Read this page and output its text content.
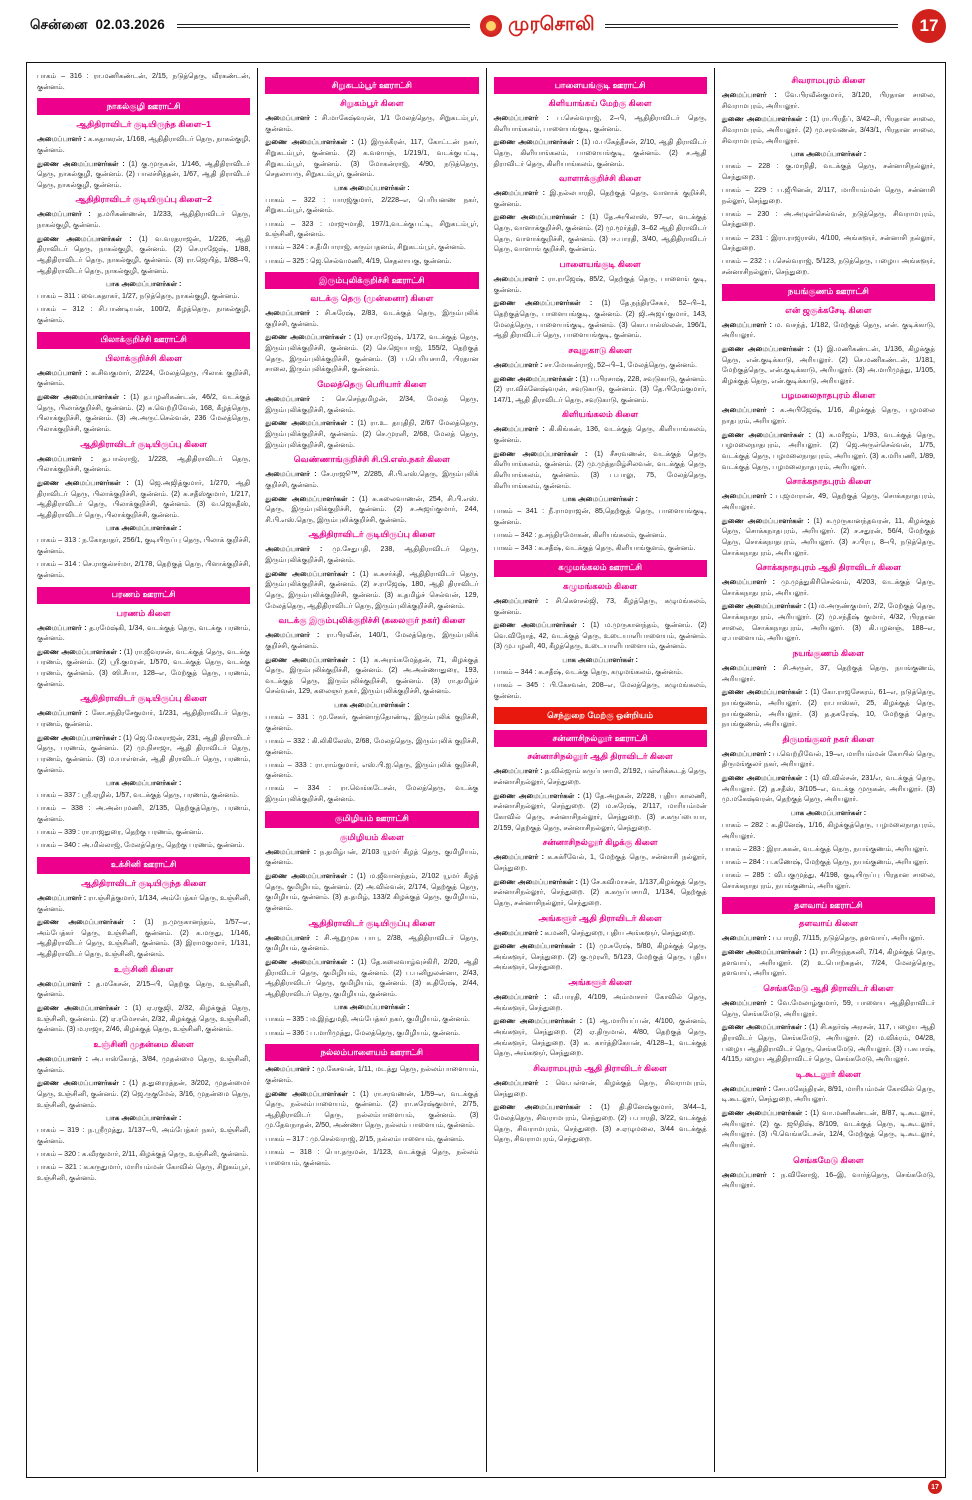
சென்னை 02.03.2026	முரசொலி	17

பாகம் – 316 : ரா.மணிகண்டன், 2/15, நடுத்தெரு, வீரகண்டன், குன்னம்.

நாகல்குழி ஊராட்சி
ஆதிதிராவிடர் குடியிருந்த கிளை–1

அமைப்பாளர் : க.சுதாகரன், 1/168, ஆதிதிராவிடர் தெரு, நாகல்குழி, குன்னம்.

துணை அமைப்பாளர்கள் : (1) கு.முருகன், 1/146, ஆதிதிராவிடர் தெரு, நாகல்குழி, குன்னம். (2) பாலச்சித்தன், 1/67, ஆதி திராவிடர் தெரு, நாகல்குழி, குன்னம்.

ஆதிதிராவிடர் குடியிருப்பு கிளை–2

அமைப்பாளர் : த.மரிகண்ணன், 1/233, ஆதிதிராவிடர் தெரு, நாகல்குழி, குன்னம்.

துணை அமைப்பாளர்கள் : (1) வ.வரதராஜன், 1/226, ஆதி திராவிடர் தெரு, நாகல்குழி, குன்னம். (2) செ.ராஜேஷ், 1/88, ஆதிதிராவிடர் தெரு, நாகல்குழி, குன்னம். (3) ரா.ஜெயித், 1/88–பி, ஆதிதிராவிடர் தெரு, நாகல்குழி, குன்னம்.

பாக அமைப்பாளர்கள் :

பாகம் – 311 : வை.சுதாகர், 1/27, நடுத்தெரு, நாகல்குழி, குன்னம்.

பாகம் – 312 : சி.பாண்டியன், 100/2, கீழத்தெரு, நாகல்குழி, குன்னம்.

பிலாக்குறிச்சி ஊராட்சி
பிலாக்குறிச்சி கிளை

அமைப்பாளர் : க.சிவகுமார், 2/224, மேலத்தெரு, பிலாக் குறிச்சி, குன்னம்.

துணை அமைப்பாளர்கள் : (1) த.பழனிகண்டன், 46/2, வடக்குத் தெரு, பிலாக்குறிச்சி, குன்னம். (2) சு.வெற்றிவேல், 168, கீழத்தெரு, பிலாக்குறிச்சி, குன்னம். (3) அ.அருட்செல்வன், 236 மேலத்தெரு, பிலாக்குறிச்சி, குன்னம்.

ஆதிதிராவிடர் குடியிருப்பு கிளை

அமைப்பாளர் : த.பால்ராஜ், 1/228, ஆதிதிராவிடர் தெரு, பிலாக்குறிச்சி, குன்னம்.

துணை அமைப்பாளர்கள் : (1) ஜெ.அஜித்குமார், 1/270, ஆதி திராவிடர் தெரு, பிலாக்குறிச்சி, குன்னம். (2) சு.சதீஸ்குமார், 1/217, ஆதிதிராவிடர் தெரு, பிலாக்குறிச்சி, குன்னம். (3) வ.ஜெகதீஸ், ஆதிதிராவிடர் தெரு, பிலாக்குறிச்சி, குன்னம்.

பாக அமைப்பாளர்கள் :

பாகம் – 313 : ந.கோதாதர், 256/1, குடியிருப்பு தெரு, பிலாக் குறிச்சி, குன்னம்.

பாகம் – 314 : செ.ராகுல்சர்மா, 2/178, தெற்குத் தெரு, பிளாக்குறிச்சி, குன்னம்.

பரணம் ஊராட்சி
பரணம் கிளை

அமைப்பாளர் : த.ரமேஷ்கி, 1/34, வடக்குத் தெரு, வடக்கு பரணம், குன்னம்.

துணை அமைப்பாளர்கள் : (1) ரா.ஜீவரசன், வடக்குத் தெரு, வடக்கு பரணம், குன்னம். (2) ஸ்ரீ.குமரன், 1/570, வடக்குத் தெரு, வடக்கு பரணம், குன்னம். (3) ஸி.சீயா, 128–எ, மேற்குத் தெரு, பரணம், குன்னம்.

ஆதிதிராவிடர் குடியிருப்பு கிளை

அமைப்பாளர் : கோ.சந்திரசேகுமார், 1/231, ஆதிதிராவிடர் தெரு, பரணம், குன்னம்.

துணை அமைப்பாளர்கள் : (1) ஜெ.மேகராஜன், 231, ஆதி திராவிடர் தெரு, பரணம், குன்னம். (2) மு.நிசாஜா, ஆதி திராவிடர் தெரு, பரணம், குன்னம். (3) ம.யாள்ளன், ஆதி திராவிடர் தெரு, பரணம், குன்னம்.

பாக அமைப்பாளர்கள் :

பாகம் – 337 : ஸ்ரீ.ஏழில், 1/57, வடக்குத் தெரு, பரணம், குன்னம்.

பாகம் – 338 : அ.அன்புமணி, 2/135, தெற்குத்தெரு, பரணம், குன்னம்.

பாகம் – 339 : ரா.ராஜதுரை, தெற்கு பரணம், குன்னம்.

பாகம் – 340 : அ.மில்லாஜ், மேலத்தெரு, தெற்கு பரணம், குன்னம்.

உக்சினி ஊராட்சி
ஆதிதிராவிடர் குடியிருந்த கிளை

அமைப்பாளர் : ரா.ஞ்சித்குமார், 1/134, அம்பேத்கர் தெரு, உஞ்சினி, குன்னம்.

துணை அமைப்பாளர்கள் : (1) ந.முருகானந்தம், 1/57–எ, அம்பேத்கர் தெரு, உஞ்சினி, குன்னம். (2) க.மருது, 1/146, ஆதிதிராவிடர் தெரு, உஞ்சினி, குன்னம். (3) இராமகுமார், 1/131, ஆதிதிராவிடர் தெரு, உஞ்சினி, குன்னம்.

உஞ்சினி கிளை

அமைப்பாளர் : த.மகேசன், 2/15–பி, தெற்கு தெரு, உஞ்சினி, குன்னம்.

துணை அமைப்பாளர்கள் : (1) ஏ.ரகுஜி, 2/32, கிழக்குத் தெரு, உஞ்சினி, குன்னம். (2) ஏ.ரமேசான், 2/32, கிழக்குத் தெரு, உஞ்சினி, குன்னம். (3) ம.ராஜா, 2/46, கிழக்குத் தெரு, உஞ்சினி, குன்னம்.

உஞ்சினி முதன்மை கிளை

அமைப்பாளர் : அ.பாஸ்கோத், 3/84, முதன்மை தெரு, உஞ்சினி, குன்னம்.

துணை அமைப்பாளர்கள் : (1) த.துரைரத்தன், 3/202, முதன்மைர் தெரு, உஞ்சினி, குன்னம். (2) ஜெ.ருகுமேல், 3/16, முதன்மை தெரு, உஞ்சினி, குன்னம்.

பாக அமைப்பாளர்கள் :

பாகம் – 319 : ந.ஸ்ரீமுத்து, 1/137–பி, அம்பேத்கர் நகர், உஞ்சினி, குன்னம்.

பாகம் – 320 : க.வீரகுமார், 2/11, கிழக்குத் தெரு, உஞ்சினி, குன்னம்.

பாகம் – 321 : க.கருதுமார், மாரியம்மன் கோவில் தெரு, சிறுகம்பூர், உஞ்சினி, குன்னம்.

சிறுகடம்பூர் ஊராட்சி
சிறுகம்பூர் கிளை

அமைப்பாளர் : சி.மாகேஷ்வரன், 1/1 மேலத்தெரு, சிறுகடம்பூர், குன்னம்.

துணை அமைப்பாளர்கள் : (1) இருக்கீரன், 117, கோட்டன் நகர், சிறுகடம்பூர், குன்னம். (2) க.வளாஞ், 1/219/1, வடக்குபட்டி, சிறுகடம்பூர், குன்னம். (3) மோகன்ராஜ், 4/90, நடுத்தெரு, செதலாயரு, சிறுகடம்பூர், குன்னம்.

பாக அமைப்பாளர்கள் :

பாகம் – 322 : யாரஜ்குமார், 2/228–எ, பெரியனண நகர், சிறுகடம்பூர், குன்னம்.

பாகம் – 323 : மாஜுமாதி, 197/1,வடக்குபட்டி, சிறுகடம்பூர், உஞ்சினி, குன்னம்.

பாகம் – 324 : ச.தீமிபாராஜ், கரும்பதனம், சிறுகடம்பூர், குன்னம்.

பாகம் – 325 : ஜெ.செல்வமணி, 4/19, செதலாயகு, குன்னம்.

இரும்புலிக்குறிச்சி ஊராட்சி
வடக்கு தெரு (முன்னைா) கிளை

அமைப்பாளர் : சி.சுரேஷ், 2/83, வடக்குத் தெரு, இரும்புலிக் குறிச்சி, குன்னம்.

துணை அமைப்பாளர்கள் : (1) ரா.ராஜேஷ், 1/172, வடக்குத் தெரு, இரும்புலிக்குறிச்சி, குன்னம். (2) செ.ஜெயபாஜ், 155/2, தெற்குத் தெரு, இரும்புலிக்குறிச்சி, குன்னம். (3) ப.பெரியசாமி, பிரதான சாலை, இரும்புலிக்குறிச்சி, குன்னம்.

மேலத்தெரு பெரியார் கிளை

அமைப்பாளர் : செ.செந்தமிழன், 2/34, மேலத் தெரு, இரும்புலிக்குறிச்சி, குன்னம்.

துணை அமைப்பாளர்கள் : (1) ரா.உ. தயுதிநி, 2/67 மேலத்தெரு, இரும்புலிக்குறிச்சி, குன்னம். (2) செ.முரளி, 2/68, மேலத் தெரு, இரும்புலிக்குறிச்சி, குன்னம்.

வெண்ணாங்குறிச்சி சி.பி.எஸ்.நகர் கிளை

அமைப்பாளர் : சே.ராஜூ™, 2/285, சி.பி.எஸ்.தெரு, இரும்புலிக் குறிச்சி, குன்னம்.

துணை அமைப்பாளர்கள் : (1) சு.கலைவாணன், 254, சி.பி.எஸ். தெரு, இரும்புலிக்குறிச்சி, குன்னம். (2) ச.அஜய்குமார், 244, சி.பி.எஸ்.தெரு, இரும்புலிக்குறிச்சி, குன்னம்.

ஆதிதிராவிடர் குடியிருப்பு கிளை

அமைப்பாளர் : மு.சேதுபதி, 238, ஆதிதிராவிடர் தெரு, இரும்புலிக்குறிச்சி, குன்னம்.

துணை அமைப்பாளர்கள் : (1) க.சுசர்க்தி, ஆதிதிராவிடர் தெரு, இரும்புலிக்குறிச்சி, குன்னம். (2) ச.ராஜேஷ், 180, ஆதி திராவிடர் தெரு, இரும்புலிக்குறிச்சி, குன்னம். (3) க.தமிழ்ச் செல்வன், 129, மேலத்தெரு, ஆதிதிராவிடர் தெரு, இரும்புலிக்குறிச்சி, குன்னம்.

வடக்கு இரும்புலிக்குறிச்சி (கலைஞர் நகர்) கிளை

அமைப்பாளர் : ரா.பிரவீன், 140/1, மேலத்தெரு, இரும்புலிக் குறிச்சி, குன்னம்.

துணை அமைப்பாளர்கள் : (1) க.அரங்கமேத்தன், 71, கிழக்குத் தெரு, இரும்புலிக்குறிச்சி, குன்னம். (2) அ.அன்ணாதுரை, 193, வடக்குத் தெரு, இரும்புலிக்குறிச்சி, குன்னம். (3) ரா.தமிழ்ச் செல்வன், 129, கலைஞர் நகர், இரும்புலிக்குறிச்சி, குன்னம்.

பாக அமைப்பாளர்கள் :

பாகம் – 331 : மு.சேகர், குன்னாந்தோண்டி, இரும்புலிக் குறிச்சி, குன்னம்.

பாகம் – 332 : கி.லிகிலேஸ், 2/68, மேலத்தெரு, இரும்புலிக் குறிச்சி, குன்னம்.

பாகம் – 333 : ரா.ராம்குமார், எஸ்.பி.ஐ.தெரு, இரும்புலிக் குறிச்சி, குன்னம்.

பாகம் – 334 : ரா.வெங்கடேசன், மேலத்தெரு, வடக்கு இரும்புலிக்குறிச்சி, குன்னம்.

குமிழியம் ஊராட்சி
குமிழியம் கிளை

அமைப்பாளர் : ந.தமிழ்பன், 2/103 யூமர் கீழத் தெரு, குமிழியம், குன்னம்.

துணை அமைப்பாளர்கள் : (1) ம.ஜீவானந்தம், 2/102 யூமர் கீழத் தெரு, குமிழியம், குன்னம். (2) அ.வில்வன், 2/174, தெற்குத் தெரு, குமிழியம், குன்னம். (3) த.தமிழ், 133/2 கிழக்குத் தெரு, குமிழியம், குன்னம்.

ஆதிதிராவிடர் குடியிருப்பு கிளை

அமைப்பாளர் : சி.ஆறுமுக பாபு, 2/38, ஆதிதிராவிடர் தெரு, குமிழியம், குன்னம்.

துணை அமைப்பாளர்கள் : (1) தே.கலைவாழ்வுச்கிரி, 2/20, ஆதி திராவிடர் தெரு, குமிழியம், குன்னம். (2) ப.பனிநுலன்னா, 2/43, ஆதிதிராவிடர் தெரு, குமிழியம், குன்னம். (3) க.திரேஷ், 2/44, ஆதிதிராவிடர் தெரு, குமிழியம், குன்னம்.

பாக அமைப்பாளர்கள் :

பாகம் – 335 : ம.இந்துமதி, அம்பேத்கர் நகர், குமிழியம், குன்னம்.

பாகம் – 336 : ப.மாரிமுத்து, மேலத்தெரு, குமிழியம், குன்னம்.

நல்லம்பாளையம் ஊராட்சி

அமைப்பாளர் : மு.கேசவன், 1/11, மடத்து தெரு, நல்லம்பாளையம், குன்னம்.

துணை அமைப்பாளர்கள் : (1) ரா.சரவணன், 1/59–எ, வடக்குத் தெரு, நல்லம்பாளையம், குன்னம். (2) ரா.சுரேஷ்குமார், 2/75, ஆதிதிராவிடர் தெரு, நல்லம்பாளையம், குன்னம். (3) மு.தேவநாதன், 2/50, அண்ணா தெரு, நல்லம் பாளையம், குன்னம்.

பாகம் – 317 : மு.செல்வராஜ், 2/15, நல்லம்பாளையம், குன்னம்.

பாகம் – 318 : பொ.தருமன், 1/123, வடக்குத் தெரு, நல்லம் பாளையம், குன்னம்.

பாளையங்குடி ஊராட்சி
கிளியாங்கய் மேற்கு கிளை

அமைப்பாளர் : ப.செல்வராஜ், 2–பி, ஆதிதிராவிடர் தெரு, கிளியாங்கலம், பாளையங்குடி, குன்னம்.

துணை அமைப்பாளர்கள் : (1) ம.பகேத்தீசன், 2/10, ஆதி திராவிடர் தெரு, கிளியாங்கலம், பாளையங்குடி, குன்னம். (2) ச.ஆதி திராவிடர் தெரு, கிளியாங்கலம், குன்னம்.

வாளாக்குறிச்சி கிளை

அமைப்பாளர் : இ.நல்லபாரதி, தெற்குத் தெரு, வாளாக் குறிச்சி, குன்னம்.

துணை அமைப்பாளர்கள் : (1) தே.அபிலாஸ், 97–எ, வடக்குத் தெரு, வாளாக்குறிச்சி, குன்னம். (2) மு.மூர்த்தி, 3–62 ஆதி திராவிடர் தெரு, வாளாக்குறிச்சி, குன்னம். (3) ஈ.பாரதி, 3/40, ஆதிதிராவிடர் தெரு, வாளாங் குறிச்சி, குன்னம்.

பாளையங்குடி கிளை

அமைப்பாளர் : ரா.ராஜேஷ், 85/2, தெற்குத் தெரு, பாளைங் குடி, குன்னம்.

துணை அமைப்பாளர்கள் : (1) தே.நந்திரசேகர், 52–பி–1, தெற்குத்தெரு, பாளையங்குடி, குன்னம். (2) ஜி.அஜய்குமார், 143, மேலத்தெரு, பாளையங்குடி, குன்னம். (3) கொ.பால்ஸ்லன், 196/1, ஆதி திராவிடர் தெரு, பாளையங்குடி, குன்னம்.

சவுதுகாடு கிளை

அமைப்பாளர் : சா.மோகன்ராஜ், 52–பி–1, மேலத்தெரு, குன்னம்.

துணை அமைப்பாளர்கள் : (1) ப.பிரசாஷ், 228, சவுடுகாடு, குன்னம். (2) ரா.விக்னேஷ்வரன், சவுடுகாடு, குன்னம். (3) தே.பிரேம்குமார், 147/1, ஆதி திராவிடர் தெரு, சவுடுகாடு, குன்னம்.

கிளியங்கலம் கிளை

அமைப்பாளர் : கி.கிங்கன், 136, வடக்குத் தெரு, கிளியாங்கலம், குன்னம்.

துணை அமைப்பாளர்கள் : (1) சீசரவணன், வடக்குத் தெரு, கிளியாங்கலம், குன்னம். (2) மு.முத்தமிழ்சிலவன், வடக்குத் தெரு, கிளியாங்கலம், குன்னம். (3) ப.பாலு, 75, மேலத்தெரு, கிளியாங்கலம், குன்னம்.

பாக அமைப்பாளர்கள் :

பாகம் – 341 : நீ.ராமராஜன், 85,தெற்குத் தெரு, பாளையங்குடி, குன்னம்.

பாகம் – 342 : த.சந்திரமோகன், கிளியங்கலம், குன்னம்.

பாகம் – 343 : க.சதீஷ், வடக்குத் தெரு, கிளியாங்குளம், குன்னம்.

கழுமங்கலம் ஊராட்சி
கழுமங்கலம் கிளை

அமைப்பாளர் : சி.கௌசல்ஜி, 73, கீழத்தெரு, கழுமங்கலம், குன்னம்.

துணை அமைப்பாளர்கள் : (1) ம.முருகானந்தம், குன்னம். (2) வெ.விநோத், 42, வடக்குத் தெரு, உடையாளிபாளையம், குன்னம். (3) மு.பழனி, 40, கீழத்தெரு, உடையாளிபாளையம், குன்னம்.

பாக அமைப்பாளர்கள் :

பாகம் – 344 : க.சதீஷ், வடக்கு தெரு, கழுமங்கலம், குன்னம்.

பாகம் – 345 : பி.கேசவன், 208–எ, மேலத்தெரு, கழுமங்கலம், குன்னம்.

செந்துறை மேற்கு ஒன்றியம்
சன்னாசிநல்லூர் ஊராட்சி
சன்னாசிநல்லூர் ஆதி திராவிடர் கிளை

அமைப்பாளர் : த.வில்ஜாம் கருப்பசாமி, 2/192, பள்ளிக்கூடத் தெரு, சன்னாசிநல்லூர், செந்துறை.

துணை அமைப்பாளர்கள் : (1) தே.அழகன், 2/228, புதிய காலணி, சன்னாசிநல்லூர், செந்துறை. (2) ம.சுரேஷ், 2/117, மாரியம்மன் கோவில் தெரு, சன்னாசிநல்லூர், செந்துறை. (3) ச.கருப்பையா, 2/159, தெற்குத் தெரு, சன்னாசிநல்லூர், செந்துறை.

சன்னாசிநல்லூர் கிழக்கு கிளை

அமைப்பாளர் : க.சுக்ரீவேல், 1, மேற்குத் தெரு, சன்னாசி நல்லூர், செந்துறை.

துணை அமைப்பாளர்கள் : (1) சே.கவிமாசன், 1/137,கிழக்குத் தெரு, சன்னாசிநல்லூர், செந்துறை. (2) க.கருப்பசாமி, 1/134, தெற்குத் தெரு, சன்னாசிநல்லூர், செந்துறை.

அங்களூர் ஆதி திராவிடர் கிளை

அமைப்பாளர் : க.மணி, செந்துறை, புதிய அங்களூர், செந்துறை.

துணை அமைப்பாளர்கள் : (1) மு.சுரேஷ், 5/80, கிழக்குத் தெரு, அங்களூர், செந்துறை. (2) கு.முரளி, 5/123, மேற்குத் தெரு, புதிய அங்களூர், செந்துறை.

அங்களூர் கிளை

அமைப்பாளர் : வீ.பாரதி, 4/109, அம்மாசாா் கோவில் தெரு, அங்களூர், செந்துறை.

துணை அமைப்பாளர்கள் : (1) ஆ.மாரியப்பன், 4/100, குன்னம், அங்களூர், செந்துறை. (2) ஏ.திருமால், 4/80, தெற்குத் தெரு, அங்களூர், செந்துறை. (3) க. கார்த்திகேயன், 4/128–1, வடக்குத் தெரு, அங்களூர், செந்துறை.

சிவராமபுரம் ஆதி திராவிடர் கிளை

அமைப்பாளர் : வெ.பள்ளன், கிழக்குத் தெரு, சிவராமபுரம், செந்துறை.

துணை அமைப்பாளர்கள் : (1) தி.தினேஷ்குமார், 3/44–1, மேலத்தெரு, சிவராமபுரம், செந்துறை. (2) ப.பாரதி, 3/22, வடக்குத் தெரு, சிவராமபுரம், செந்துறை. (3) ச.ஏழுமலை, 3/44 வடக்குத் தெரு, சிவராமபுரம், செந்துறை.

சிவராமபுரம் கிளை

அமைப்பாளர் : வே.பிரவீன்குமார், 3/120, பிரதான சாலை, சிவராமபுரம், அரியலூர்.

துணை அமைப்பாளர்கள் : (1) ரா.பிரதீப், 3/42–சி, பிரதான சாலை, சிவராமபுரம், அரியலூர். (2) மு.சரவணன், 3/43/1, பிரதான சாலை, சிவராமபுரம், அரியலூர்.

பாக அமைப்பாளர்கள் :

பாகம் – 228 : கு.மாநிதி, வடக்குத் தெரு, சன்னாசிநல்லூர், செந்துறை.

பாகம் – 229 : ப.ஜீபினன், 2/117, மாரியம்மன் தெரு, சன்னாசி நல்லூர், செந்துறை.

பாகம் – 230 : அ.அழுள்செல்வன், நடுத்தெரு, சிவராமபுரம், செந்துறை.

பாகம் – 231 : இரா.ராஜராஸ், 4/100, அங்களூர், சன்னாசி நல்லூர், செந்துறை.

பாகம் – 232 : ப.செல்வராஜ், 5/123, நடுத்தெரு, பழைய அங்களூர், சன்னாசிநல்லூர், செந்துறை.

நயங்குணம் ஊராட்சி
என் ஜகுக்கசேடி கிளை

அமைப்பாளர் : ம. வசந்த், 1/182, மேற்குத் தெரு, என். குடிக்காடு, அரியலூர்.

துணை அமைப்பாளர்கள் : (1) இ.மணிகண்டன், 1/136, கிழக்குத் தெரு, என்.குடிக்காடு, அரியலூர். (2) செ.மணிகண்டன், 1/181, மேற்குத்தெரு, என்.குடிக்காடு, அரியலூர். (3) அ.மாரிமுத்து, 1/105, கிழக்குத் தெரு, என்.குடிக்காடு, அரியலூர்.

பழமலைநாதபுரம் கிளை

அமைப்பாளர் : க.அபிஜேஷ், 1/16, கிழக்குத் தெரு, பழமலை நாதபுரம், அரியலூர்.

துணை அமைப்பாளர்கள் : (1) க.மரீஜம், 1/93, வடக்குத் தெரு, பழமலைநாதபுரம், அரியலூர். (2) ஜெ.அருள்செல்வன், 1/75, வடக்குத் தெரு, பழமலைநாதபுரம், அரியலூர். (3) க.மரியணி, 1/89, வடக்குத் தெரு, பழமலைநாதபுரம், அரியலூர்.

சொக்கநாதபுரம் கிளை

அமைப்பாளர் : ப.ஜமாரான், 49, தெற்குத் தெரு, சொக்கநாதபுரம், அரியலூர்.

துணை அமைப்பாளர்கள் : (1) க.முருகானந்தவரன், 11, கிழக்குத் தெரு, சொக்கநாதபுரம், அரியலூர். (2) ச.சதுரன், 56/4, மேற்குத் தெரு, சொக்கநாதபுரம், அரியலூர். (3) ச.பிரபு, 8–பி, நடுத்தெரு, சொக்கநாதபுரம், அரியலூர்.

சொக்கநாதபுரம் ஆதி திராவிடர் கிளை

அமைப்பாளர் : மு.முத்துகிரிசெல்வம், 4/203, வடக்குத் தெரு, சொக்கநாதபுரம், அரியலூர்.

துணை அமைப்பாளர்கள் : (1) ம.அருண்குமார், 2/2, மேற்குத் தெரு, சொக்கநாதபுரம், அரியலூர். (2) மு.சந்தீஷ் குமார், 4/32, பிரதான சாலை, சொக்கநாதபுரம், அரியலூர். (3) கி.பழனஞ், 188–எ, ஏ.பாளையம், அரியலூர்.

நயங்குணம் கிளை

அமைப்பாளர் : சி.அருள், 37, தெற்குத் தெரு, நயங்குணம், அரியலூர்.

துணை அமைப்பாளர்கள் : (1) கோ.ராஜசேகரம், 61–எ, நடுத்தெரு, நயங்குணம், அரியலூர். (2) ரா.பாஸ்கர், 25, கிழக்குத் தெரு, நயங்குணம், அரியலூர். (3) த.தகரேஷ், 10, மேற்குத் தெரு, நயங்குணம், அரியலூர்.

திருமங்குலர் நகர் கிளை

அமைப்பாளர் : ப.வெற்றிவேல், 19–எ, மாரியம்மன் கோயில் தெரு, திருமங்குலர் நகர், அரியலூர்.

துணை அமைப்பாளர்கள் : (1) வி.வில்சன், 231/எ, வடக்குத் தெரு, அரியலூர். (2) த.சதீஸ், 3/105–எ, வடக்கு முருகன், அரியலூர். (3) மு.மகேஷ்வரன், தெற்குத் தெரு, அரியலூர்.

பாக அமைப்பாளர்கள் :

பாகம் – 282 : க.தினேஷ், 1/16, கிழக்குத்தெரு, பழமலைநாதபுரம், அரியலூர்.

பாகம் – 283 : இரா.சுகன், வடக்குத் தெரு, நயங்குணம், அரியலூர்.

பாகம் – 284 : ப.கணேஷ், மேற்குத் தெரு, நயங்குணம், அரியலூர்.

பாகம் – 285 : வி.பகுமுத்து, 4/198, குடியிருப்பு பிரதான சாலை, சொக்கநாதபுரம், நயங்குணம், அரியலூர்.

தளவாய் ஊராட்சி
தளவாய் கிளை

அமைப்பாளர் : ப.பாரதி, 7/115, நடுத்தெரு, தளவாய், அரியலூர்.

துணை அமைப்பாளர்கள் : (1) ரா.சிருந்தகனி, 7/14, கிழக்குத் தெரு, தளவாய், அரியலூர். (2) உ.பொற்சுதன், 7/24, மேலத்தெரு, தளவாய், அரியலூர்.

செங்கமேடு ஆதி திராவிடர் கிளை

அமைப்பாளர் : வே.மேலாழ்குமார், 59, பாளைய ஆதிதிராவிடர் தெரு, செங்கமேடு, அரியலூர்.

துணை அமைப்பாளர்கள் : (1) சி.சுதர்ஷ் அரசன், 117, பழைய ஆதி திராவிடர் தெரு, செங்கமேடு, அரியலூர். (2) ம.விக்ரம், 04/28, பழைய ஆதிதிராவிடர் தெரு, செங்கமேடு, அரியலூர். (3) ப.சுபாஷ், 4/115,பழைய ஆதிதிராவிடர் தெரு, செங்கமேடு, அரியலூர்.

டி.கூடலூர் கிளை

அமைப்பாளர் : சோ.மகேந்திரன், 8/91, மாரியம்மன் கோவில் தெரு, டி.கூடலூர், செந்துறை, அரியலூர்.

துணை அமைப்பாளர்கள் : (1) வா.மணிகண்டன், 8/87, டி.கூடலூர், அரியலூர். (2) கு. ஜூதிஷ், 8/109, வடக்குத் தெரு, டி.கூடலூர், அரியலூர். (3) பி.வெங்கடேசன், 12/4, மேற்குத் தெரு, டி.கூடலூர், அரியலூர்.

செங்கமேடு கிளை

அமைப்பாளர் : ந.வினோஜ், 16–இ, வார்த்தெரு, செங்கமேடு, அரியலூர்.

17
